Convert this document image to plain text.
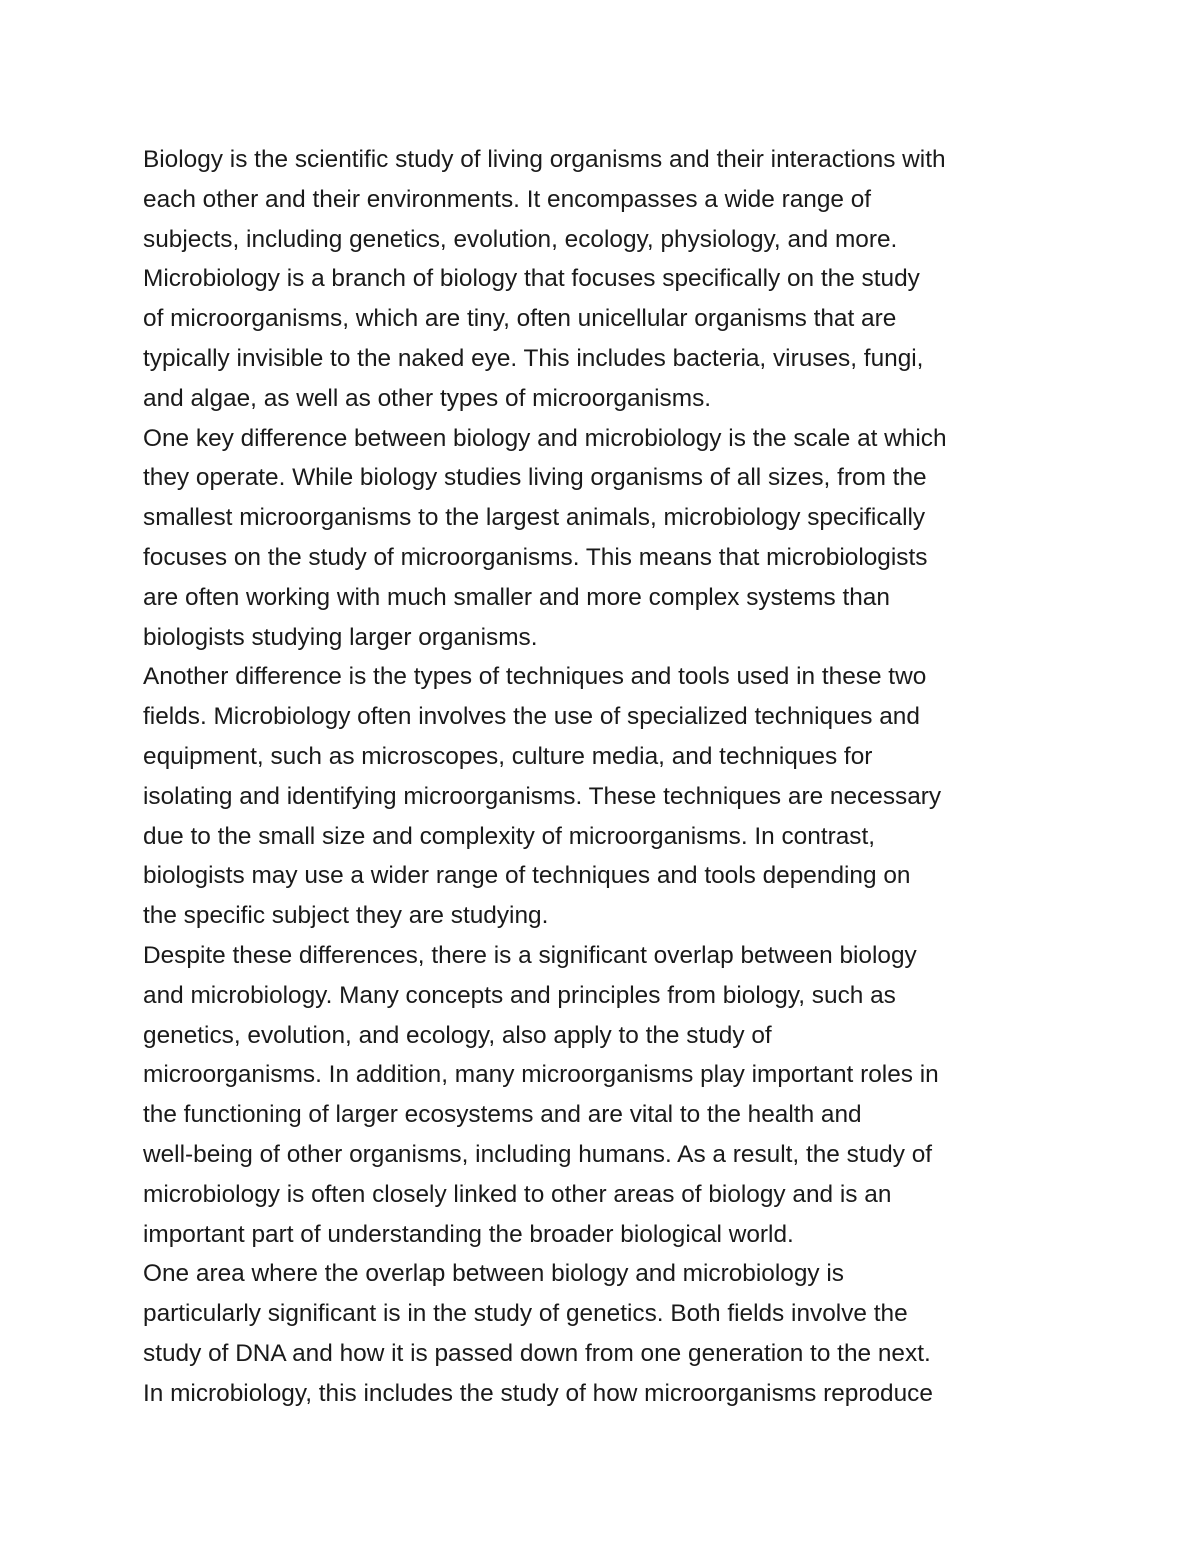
Biology is the scientific study of living organisms and their interactions with
each other and their environments. It encompasses a wide range of
subjects, including genetics, evolution, ecology, physiology, and more.
Microbiology is a branch of biology that focuses specifically on the study
of microorganisms, which are tiny, often unicellular organisms that are
typically invisible to the naked eye. This includes bacteria, viruses, fungi,
and algae, as well as other types of microorganisms.
One key difference between biology and microbiology is the scale at which
they operate. While biology studies living organisms of all sizes, from the
smallest microorganisms to the largest animals, microbiology specifically
focuses on the study of microorganisms. This means that microbiologists
are often working with much smaller and more complex systems than
biologists studying larger organisms.
Another difference is the types of techniques and tools used in these two
fields. Microbiology often involves the use of specialized techniques and
equipment, such as microscopes, culture media, and techniques for
isolating and identifying microorganisms. These techniques are necessary
due to the small size and complexity of microorganisms. In contrast,
biologists may use a wider range of techniques and tools depending on
the specific subject they are studying.
Despite these differences, there is a significant overlap between biology
and microbiology. Many concepts and principles from biology, such as
genetics, evolution, and ecology, also apply to the study of
microorganisms. In addition, many microorganisms play important roles in
the functioning of larger ecosystems and are vital to the health and
well-being of other organisms, including humans. As a result, the study of
microbiology is often closely linked to other areas of biology and is an
important part of understanding the broader biological world.
One area where the overlap between biology and microbiology is
particularly significant is in the study of genetics. Both fields involve the
study of DNA and how it is passed down from one generation to the next.
In microbiology, this includes the study of how microorganisms reproduce
